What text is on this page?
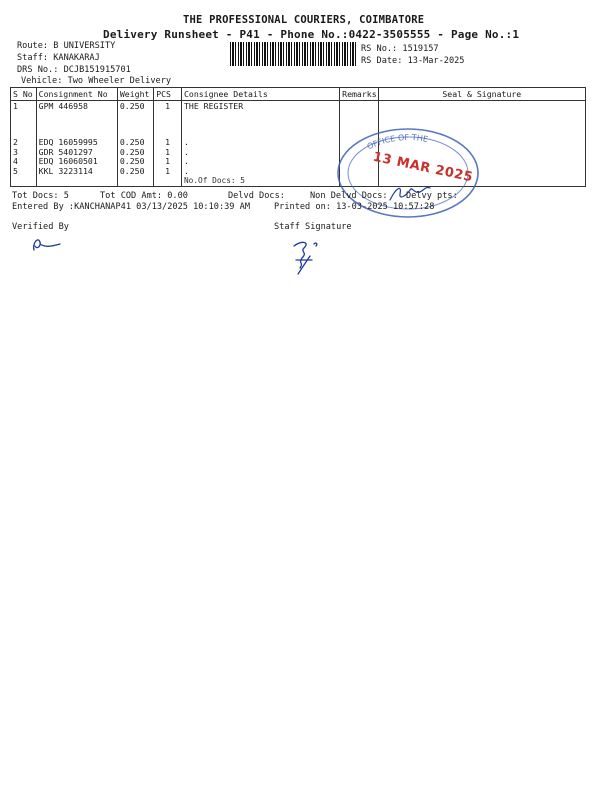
THE PROFESSIONAL COURIERS, COIMBATORE
Delivery Runsheet - P41 - Phone No.:0422-3505555 - Page No.:1
Route: B UNIVERSITY
Staff: KANAKARAJ
DRS No.: DCJB151915701
Vehicle: Two Wheeler Delivery
RS No.: 1519157
RS Date: 13-Mar-2025
S No	Consignment No	Weight	PCS	Consignee Details	Remarks	Seal & Signature
1	GPM 446958	0.250	1	THE REGISTER		
2	EDQ 16059995	0.250	1	.		
3	GDR 5401297	0.250	1	.		
4	EDQ 16060501	0.250	1	.		
5	KKL 3223114	0.250	1	.		
				No.Of Docs: 5		
OFFICE OF THE
13 MAR 2025
Tot Docs: 5	Tot COD Amt: 0.00	Delvd Docs:	Non Delvd Docs: Delvy pts:
Entered By :KANCHANAP41 03/13/2025 10:10:39 AM	Printed on: 13-03-2025 10:57:28
Verified By	Staff Signature
